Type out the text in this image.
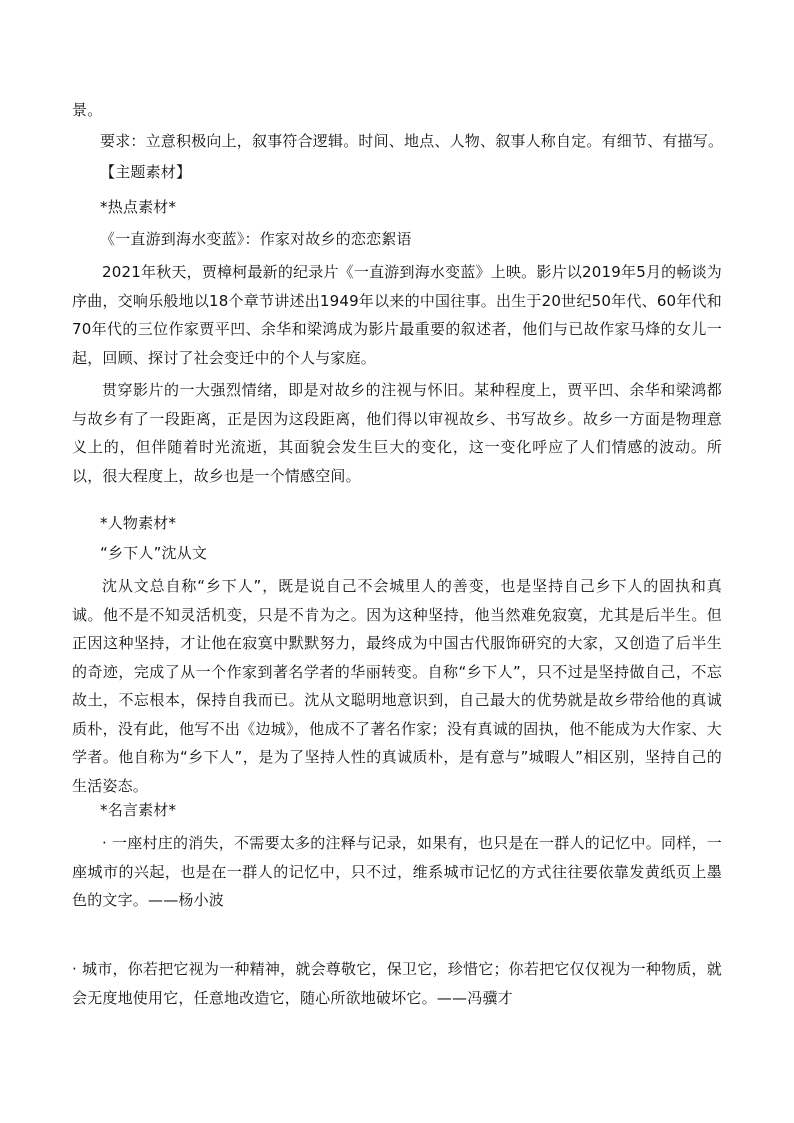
景。
要求：立意积极向上，叙事符合逻辑。时间、地点、人物、叙事人称自定。有细节、有描写。
【主题素材】
*热点素材*
《一直游到海水变蓝》：作家对故乡的恋恋絮语
2021年秋天，贾樟柯最新的纪录片《一直游到海水变蓝》上映。影片以2019年5月的畅谈为序曲，交响乐般地以18个章节讲述出1949年以来的中国往事。出生于20世纪50年代、60年代和70年代的三位作家贾平凹、余华和梁鸿成为影片最重要的叙述者，他们与已故作家马烽的女儿一起，回顾、探讨了社会变迁中的个人与家庭。
贯穿影片的一大强烈情绪，即是对故乡的注视与怀旧。某种程度上，贾平凹、余华和梁鸿都与故乡有了一段距离，正是因为这段距离，他们得以审视故乡、书写故乡。故乡一方面是物理意义上的，但伴随着时光流逝，其面貌会发生巨大的变化，这一变化呼应了人们情感的波动。所以，很大程度上，故乡也是一个情感空间。
*人物素材*
“乡下人”沈从文
沈从文总自称“乡下人”，既是说自己不会城里人的善变，也是坚持自己乡下人的固执和真诚。他不是不知灵活机变，只是不肯为之。因为这种坚持，他当然难免寂寞，尤其是后半生。但正因这种坚持，才让他在寂寞中默默努力，最终成为中国古代服饰研究的大家，又创造了后半生的奇迹，完成了从一个作家到著名学者的华丽转变。自称“乡下人”，只不过是坚持做自己，不忘故土，不忘根本，保持自我而已。沈从文聪明地意识到，自己最大的优势就是故乡带给他的真诚质朴，没有此，他写不出《边城》，他成不了著名作家；没有真诚的固执，他不能成为大作家、大学者。他自称为“乡下人”，是为了坚持人性的真诚质朴，是有意与”城暇人”相区别，坚持自己的生活姿态。
*名言素材*
· 一座村庄的消失，不需要太多的注释与记录，如果有，也只是在一群人的记忆中。同样，一座城市的兴起，也是在一群人的记忆中，只不过，维系城市记忆的方式往往要依靠发黄纸页上墨色的文字。——杨小波
· 城市，你若把它视为一种精神，就会尊敬它，保卫它，珍惜它；你若把它仅仅视为一种物质，就会无度地使用它，任意地改造它，随心所欲地破坏它。——冯骥才
